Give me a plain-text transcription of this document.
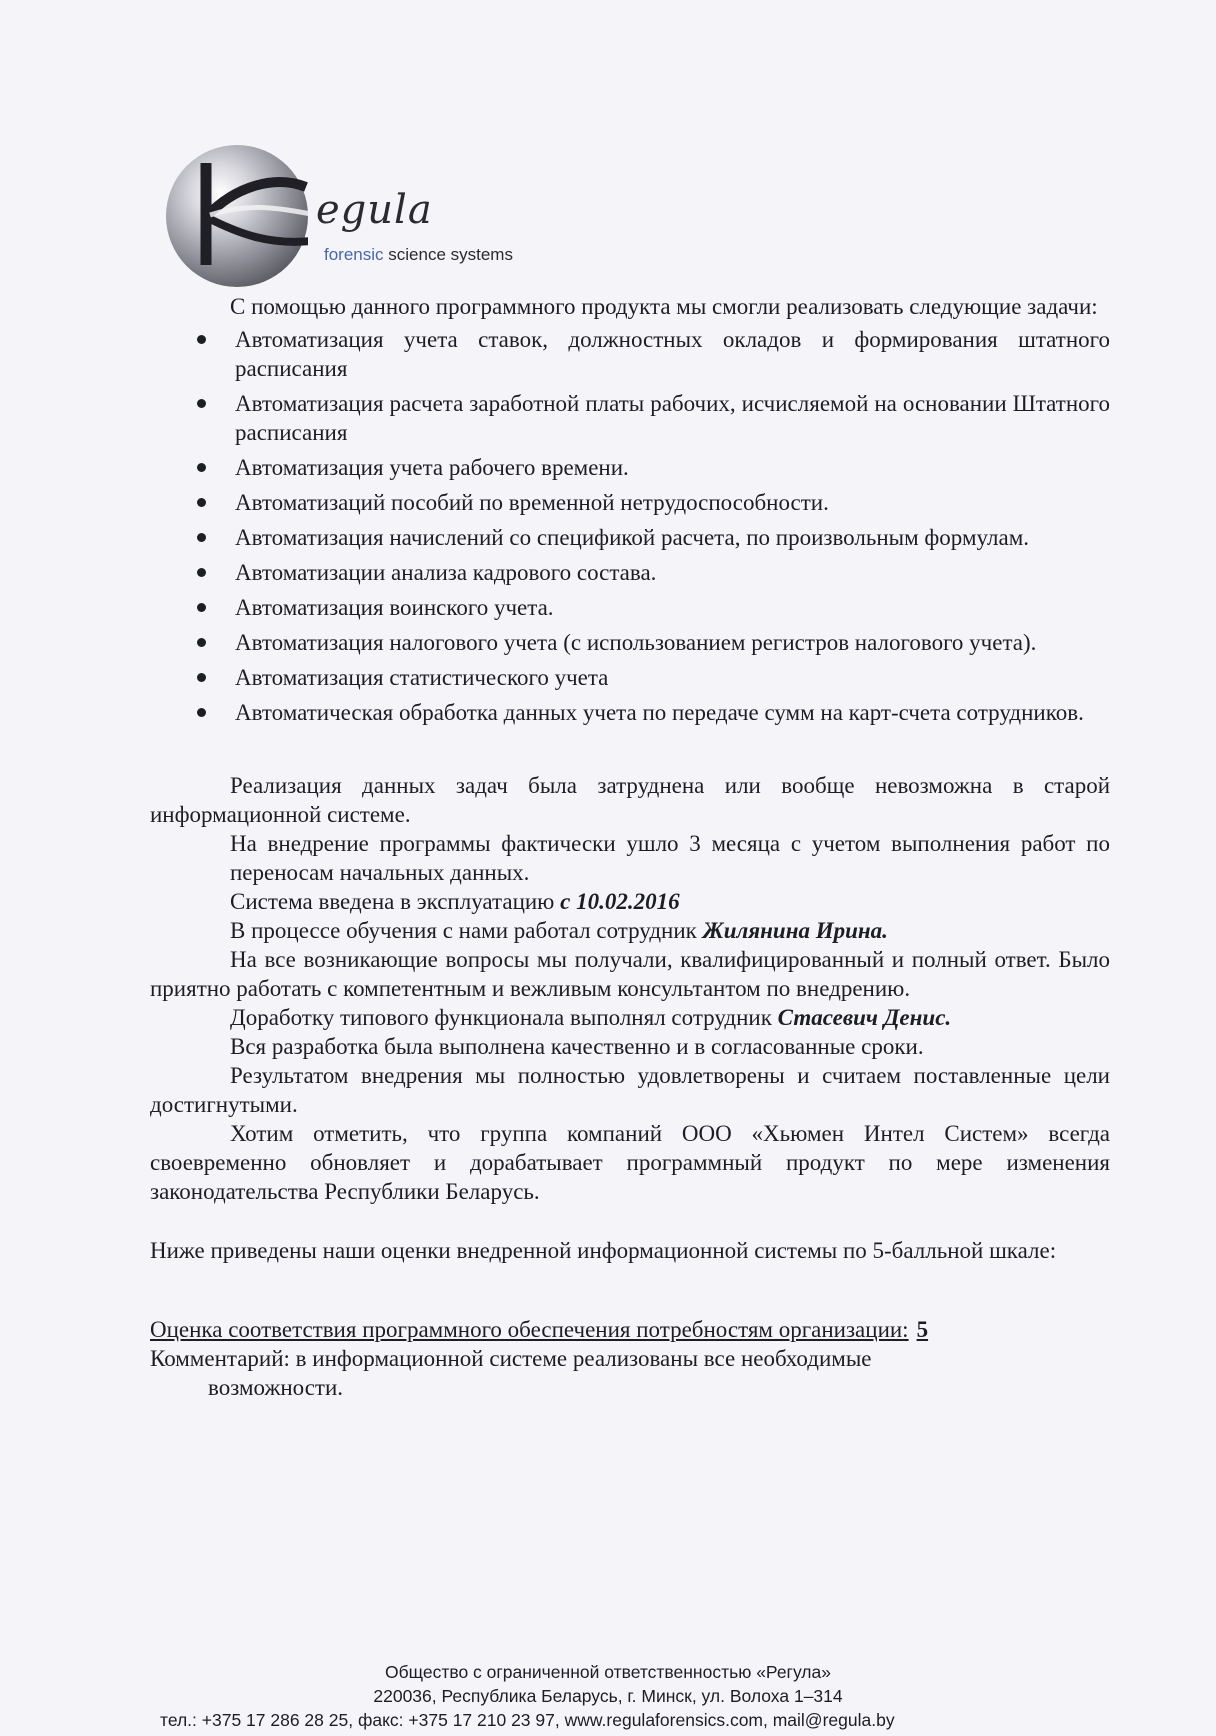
egula
forensic science systems

С помощью данного программного продукта мы смогли реализовать следующие задачи:

Автоматизация учета ставок, должностных окладов и формирования штатного расписания
Автоматизация расчета заработной платы рабочих, исчисляемой на основании Штатного расписания
Автоматизация учета рабочего времени.
Автоматизаций пособий по временной нетрудоспособности.
Автоматизация начислений со спецификой расчета, по произвольным формулам.
Автоматизации анализа кадрового состава.
Автоматизация воинского учета.
Автоматизация налогового учета (с использованием регистров налогового учета).
Автоматизация статистического учета
Автоматическая обработка данных учета по передаче сумм на карт-счета сотрудников.

Реализация данных задач была затруднена или вообще невозможна в старой информационной системе.

На внедрение программы фактически ушло 3 месяца с учетом выполнения работ по переносам начальных данных.

Система введена в эксплуатацию с 10.02.2016

В процессе обучения с нами работал сотрудник Жилянина Ирина.

На все возникающие вопросы мы получали, квалифицированный и полный ответ. Было приятно работать с компетентным и вежливым консультантом по внедрению.

Доработку типового функционала выполнял сотрудник Стасевич Денис.

Вся разработка была выполнена качественно и в согласованные сроки.

Результатом внедрения мы полностью удовлетворены и считаем поставленные цели достигнутыми.

Хотим отметить, что группа компаний ООО «Хьюмен Интел Систем» всегда своевременно обновляет и дорабатывает программный продукт по мере изменения законодательства Республики Беларусь.

Ниже приведены наши оценки внедренной информационной системы по 5-балльной шкале:

Оценка соответствия программного обеспечения потребностям организации: 5

Комментарий: в информационной системе реализованы все необходимые

возможности.

Общество с ограниченной ответственностью «Регула»
220036, Республика Беларусь, г. Минск, ул. Волоха 1–314
тел.: +375 17 286 28 25, факс: +375 17 210 23 97, www.regulaforensics.com, mail@regula.by
